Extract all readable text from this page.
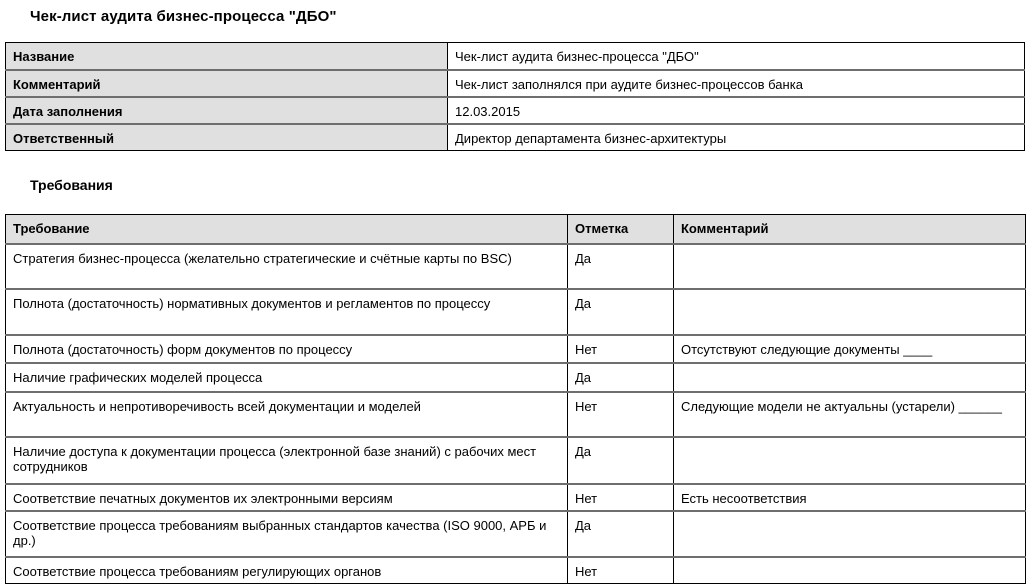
Чек-лист аудита бизнес-процесса "ДБО"
Название	Чек-лист аудита бизнес-процесса "ДБО"
Комментарий	Чек-лист заполнялся при аудите бизнес-процессов банка
Дата заполнения	12.03.2015
Ответственный	Директор департамента бизнес-архитектуры
Требования
Требование	Отметка	Комментарий
Стратегия бизнес-процесса (желательно стратегические и счётные карты по BSC)	Да	
Полнота (достаточность) нормативных документов и регламентов по процессу	Да	
Полнота (достаточность) форм документов по процессу	Нет	Отсутствуют следующие документы ____
Наличие графических моделей процесса	Да	
Актуальность и непротиворечивость всей документации и моделей	Нет	Следующие модели не актуальны (устарели) ______
Наличие доступа к документации процесса (электронной базе знаний) с рабочих мест сотрудников	Да	
Соответствие печатных документов их электронными версиям	Нет	Есть несоответствия
Соответствие процесса требованиям выбранных стандартов качества (ISO 9000, АРБ и др.)	Да	
Соответствие процесса требованиям регулирующих органов	Нет	
